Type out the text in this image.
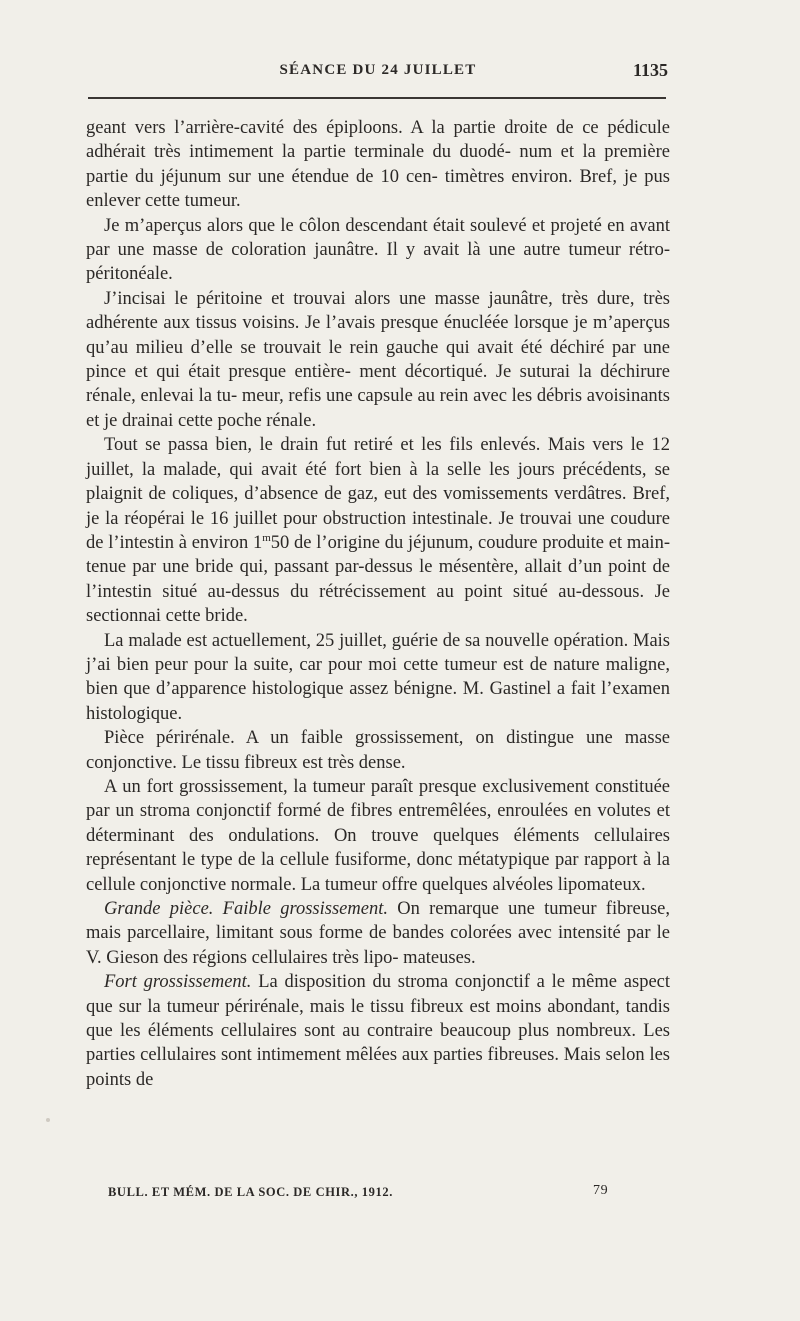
SÉANCE DU 24 JUILLET	1135

geant vers l’arrière-cavité des épiploons. A la partie droite de ce pédicule adhérait très intimement la partie terminale du duodé- num et la première partie du jéjunum sur une étendue de 10 cen- timètres environ. Bref, je pus enlever cette tumeur.

Je m’aperçus alors que le côlon descendant était soulevé et projeté en avant par une masse de coloration jaunâtre. Il y avait là une autre tumeur rétro-péritonéale.

J’incisai le péritoine et trouvai alors une masse jaunâtre, très dure, très adhérente aux tissus voisins. Je l’avais presque énucléée lorsque je m’aperçus qu’au milieu d’elle se trouvait le rein gauche qui avait été déchiré par une pince et qui était presque entière- ment décortiqué. Je suturai la déchirure rénale, enlevai la tu- meur, refis une capsule au rein avec les débris avoisinants et je drainai cette poche rénale.

Tout se passa bien, le drain fut retiré et les fils enlevés. Mais vers le 12 juillet, la malade, qui avait été fort bien à la selle les jours précédents, se plaignit de coliques, d’absence de gaz, eut des vomissements verdâtres. Bref, je la réopérai le 16 juillet pour obstruction intestinale. Je trouvai une coudure de l’intestin à environ 1$^m$50 de l’origine du jéjunum, coudure produite et main- tenue par une bride qui, passant par-dessus le mésentère, allait d’un point de l’intestin situé au-dessus du rétrécissement au point situé au-dessous. Je sectionnai cette bride.

La malade est actuellement, 25 juillet, guérie de sa nouvelle opération. Mais j’ai bien peur pour la suite, car pour moi cette tumeur est de nature maligne, bien que d’apparence histologique assez bénigne. M. Gastinel a fait l’examen histologique.

Pièce périrénale. A un faible grossissement, on distingue une masse conjonctive. Le tissu fibreux est très dense.

A un fort grossissement, la tumeur paraît presque exclusivement constituée par un stroma conjonctif formé de fibres entremêlées, enroulées en volutes et déterminant des ondulations. On trouve quelques éléments cellulaires représentant le type de la cellule fusiforme, donc métatypique par rapport à la cellule conjonctive normale. La tumeur offre quelques alvéoles lipomateux.

Grande pièce. Faible grossissement. On remarque une tumeur fibreuse, mais parcellaire, limitant sous forme de bandes colorées avec intensité par le V. Gieson des régions cellulaires très lipo- mateuses.

Fort grossissement. La disposition du stroma conjonctif a le même aspect que sur la tumeur périrénale, mais le tissu fibreux est moins abondant, tandis que les éléments cellulaires sont au contraire beaucoup plus nombreux. Les parties cellulaires sont intimement mêlées aux parties fibreuses. Mais selon les points de

BULL. ET MÉM. DE LA SOC. DE CHIR., 1912.	79
